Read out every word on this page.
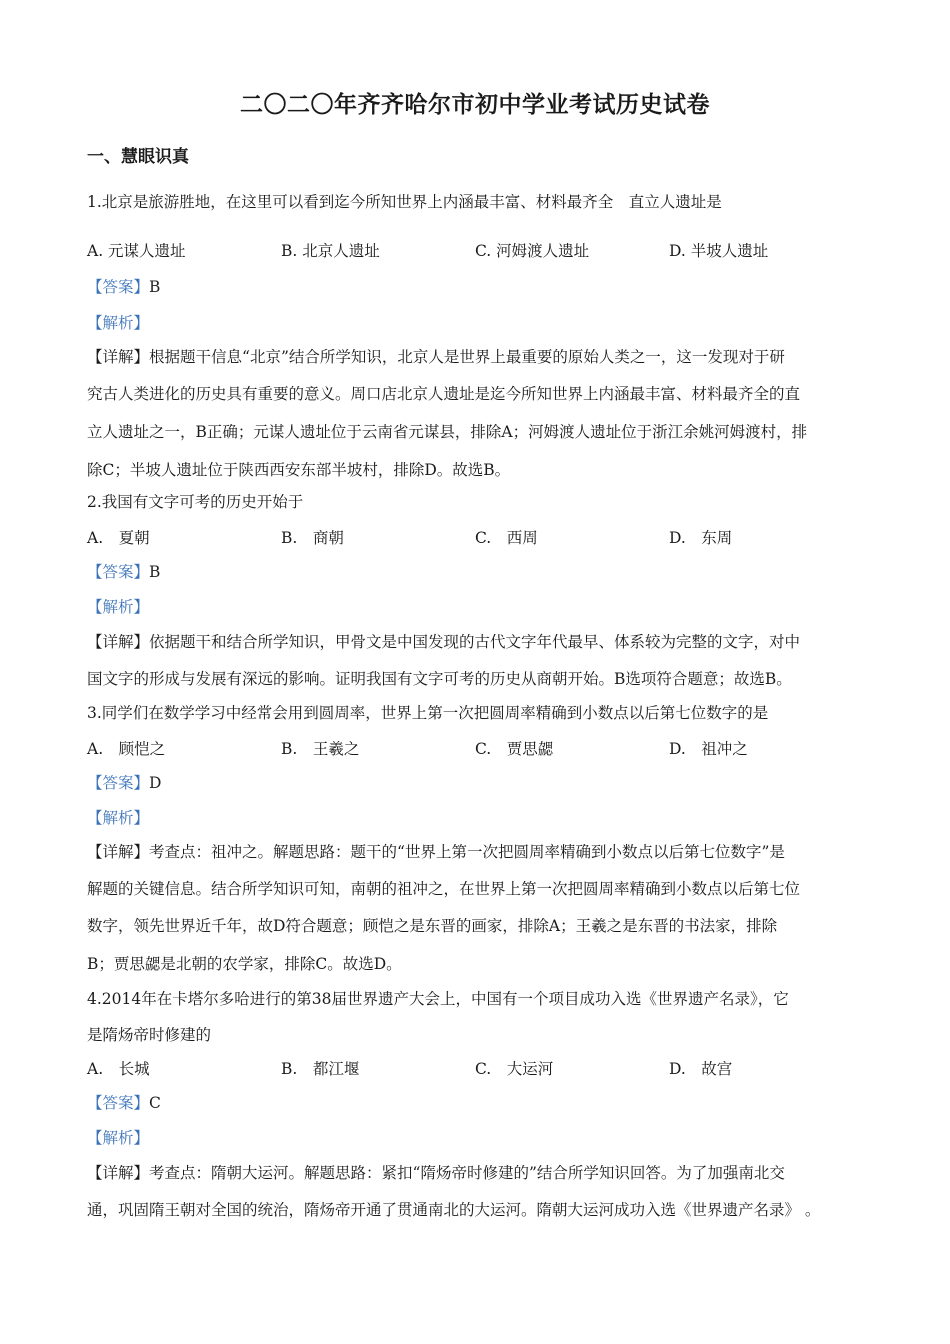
二〇二〇年齐齐哈尔市初中学业考试历史试卷
一、慧眼识真
1.北京是旅游胜地，在这里可以看到迄今所知世界上内涵最丰富、材料最齐全　直立人遗址是
A. 元谋人遗址	B. 北京人遗址	C. 河姆渡人遗址	D. 半坡人遗址
【答案】B
【解析】
【详解】根据题干信息“北京”结合所学知识，北京人是世界上最重要的原始人类之一，这一发现对于研
究古人类进化的历史具有重要的意义。周口店北京人遗址是迄今所知世界上内涵最丰富、材料最齐全的直
立人遗址之一，B正确；元谋人遗址位于云南省元谋县，排除A；河姆渡人遗址位于浙江余姚河姆渡村，排
除C；半坡人遗址位于陕西西安东部半坡村，排除D。故选B。
2.我国有文字可考的历史开始于
A.　夏朝	B.　商朝	C.　西周	D.　东周
【答案】B
【解析】
【详解】依据题干和结合所学知识，甲骨文是中国发现的古代文字年代最早、体系较为完整的文字，对中
国文字的形成与发展有深远的影响。证明我国有文字可考的历史从商朝开始。B选项符合题意；故选B。
3.同学们在数学学习中经常会用到圆周率，世界上第一次把圆周率精确到小数点以后第七位数字的是
A.　顾恺之	B.　王羲之	C.　贾思勰	D.　祖冲之
【答案】D
【解析】
【详解】考查点：祖冲之。解题思路：题干的“世界上第一次把圆周率精确到小数点以后第七位数字”是
解题的关键信息。结合所学知识可知，南朝的祖冲之，在世界上第一次把圆周率精确到小数点以后第七位
数字，领先世界近千年，故D符合题意；顾恺之是东晋的画家，排除A；王羲之是东晋的书法家，排除
B；贾思勰是北朝的农学家，排除C。故选D。
4.2014年在卡塔尔多哈进行的第38届世界遗产大会上，中国有一个项目成功入选《世界遗产名录》，它
是隋炀帝时修建的
A.　长城	B.　都江堰	C.　大运河	D.　故宫
【答案】C
【解析】
【详解】考查点：隋朝大运河。解题思路：紧扣“隋炀帝时修建的”结合所学知识回答。为了加强南北交
通，巩固隋王朝对全国的统治，隋炀帝开通了贯通南北的大运河。隋朝大运河成功入选《世界遗产名录》 。
